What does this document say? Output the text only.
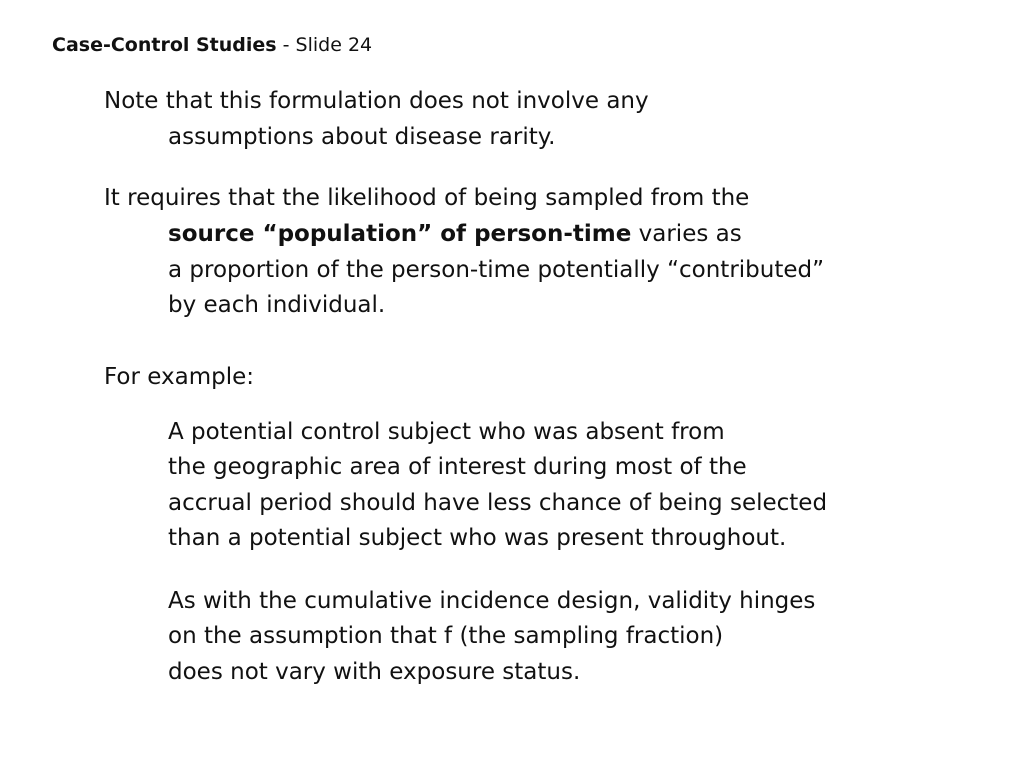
Case-Control Studies - Slide 24
Note that this formulation does not involve any
assumptions about disease rarity.
It requires that the likelihood of being sampled from the
source “population” of person-time varies as
a proportion of the person-time potentially “contributed”
by each individual.
For example:
A potential control subject who was absent from
the geographic area of interest during most of the
accrual period should have less chance of being selected
than a potential subject who was present throughout.
As with the cumulative incidence design, validity hinges
on the assumption that f (the sampling fraction)
does not vary with exposure status.
